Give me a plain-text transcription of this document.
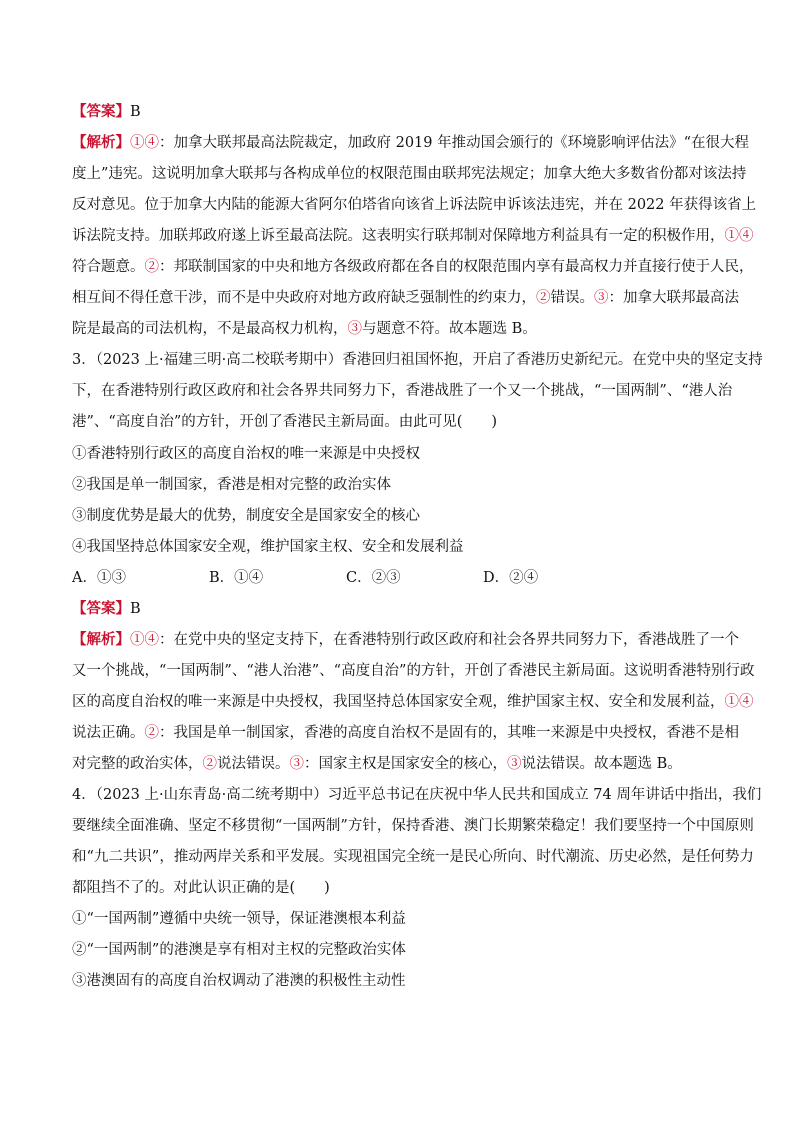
【答案】B
【解析】①④：加拿大联邦最高法院裁定，加政府 2019 年推动国会颁行的《环境影响评估法》“在很大程
度上”违宪。这说明加拿大联邦与各构成单位的权限范围由联邦宪法规定；加拿大绝大多数省份都对该法持
反对意见。位于加拿大内陆的能源大省阿尔伯塔省向该省上诉法院申诉该法违宪，并在 2022 年获得该省上
诉法院支持。加联邦政府遂上诉至最高法院。这表明实行联邦制对保障地方利益具有一定的积极作用，①④
符合题意。②：邦联制国家的中央和地方各级政府都在各自的权限范围内享有最高权力并直接行使于人民，
相互间不得任意干涉，而不是中央政府对地方政府缺乏强制性的约束力，②错误。③：加拿大联邦最高法
院是最高的司法机构，不是最高权力机构，③与题意不符。故本题选 B。
3．（2023 上·福建三明·高二校联考期中）香港回归祖国怀抱，开启了香港历史新纪元。在党中央的坚定支持
下，在香港特别行政区政府和社会各界共同努力下，香港战胜了一个又一个挑战，“一国两制”、“港人治
港”、“高度自治”的方针，开创了香港民主新局面。由此可见(　　)
①香港特别行政区的高度自治权的唯一来源是中央授权
②我国是单一制国家，香港是相对完整的政治实体
③制度优势是最大的优势，制度安全是国家安全的核心
④我国坚持总体国家安全观，维护国家主权、安全和发展利益
A．①③	B．①④	C．②③	D．②④
【答案】B
【解析】①④：在党中央的坚定支持下，在香港特别行政区政府和社会各界共同努力下，香港战胜了一个
又一个挑战，“一国两制”、“港人治港”、“高度自治”的方针，开创了香港民主新局面。这说明香港特别行政
区的高度自治权的唯一来源是中央授权，我国坚持总体国家安全观，维护国家主权、安全和发展利益，①④
说法正确。②：我国是单一制国家，香港的高度自治权不是固有的，其唯一来源是中央授权，香港不是相
对完整的政治实体，②说法错误。③：国家主权是国家安全的核心，③说法错误。故本题选 B。
4．（2023 上·山东青岛·高二统考期中）习近平总书记在庆祝中华人民共和国成立 74 周年讲话中指出，我们
要继续全面准确、坚定不移贯彻“一国两制”方针，保持香港、澳门长期繁荣稳定！我们要坚持一个中国原则
和“九二共识”，推动两岸关系和平发展。实现祖国完全统一是民心所向、时代潮流、历史必然，是任何势力
都阻挡不了的。对此认识正确的是(　　)
①“一国两制”遵循中央统一领导，保证港澳根本利益
②“一国两制”的港澳是享有相对主权的完整政治实体
③港澳固有的高度自治权调动了港澳的积极性主动性
